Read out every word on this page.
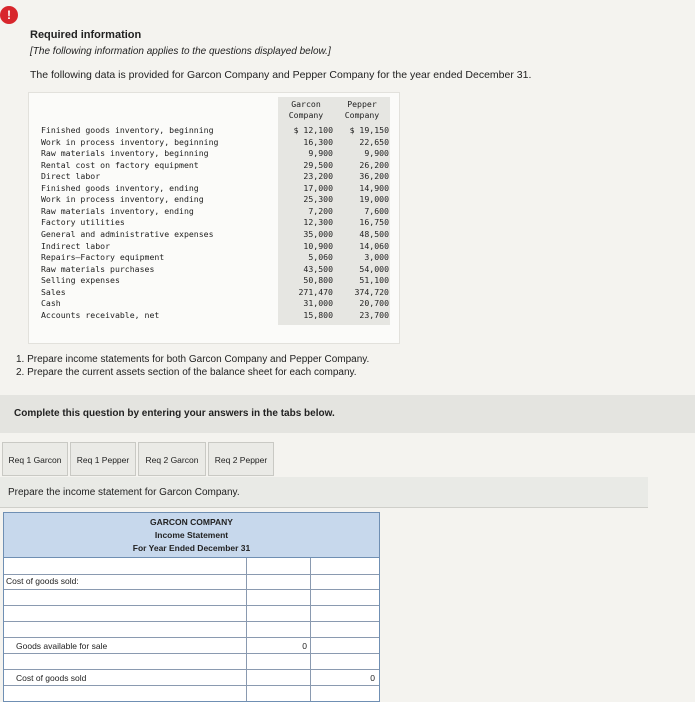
!
Required information
[The following information applies to the questions displayed below.]
The following data is provided for Garcon Company and Pepper Company for the year ended December 31.
Garcon
Company
Pepper
Company
Finished goods inventory, beginning	$ 12,100 $ 19,150
Work in process inventory, beginning	16,300	22,650
Raw materials inventory, beginning	9,900	9,900
Rental cost on factory equipment	29,500	26,200
Direct labor	23,200	36,200
Finished goods inventory, ending	17,000	14,900
Work in process inventory, ending	25,300	19,000
Raw materials inventory, ending	7,200	7,600
Factory utilities	12,300	16,750
General and administrative expenses	35,000	48,500
Indirect labor	10,900	14,060
Repairs—Factory equipment	5,060	3,000
Raw materials purchases	43,500	54,000
Selling expenses	50,800	51,100
Sales	271,470	374,720
Cash	31,000	20,700
Accounts receivable, net	15,800	23,700
1. Prepare income statements for both Garcon Company and Pepper Company.
2. Prepare the current assets section of the balance sheet for each company.
Complete this question by entering your answers in the tabs below.
Req 1 Garcon	Req 1 Pepper	Req 2 Garcon	Req 2 Pepper
Prepare the income statement for Garcon Company.
GARCON COMPANY
Income Statement
For Year Ended December 31
Cost of goods sold:
Goods available for sale	0
Cost of goods sold	0
